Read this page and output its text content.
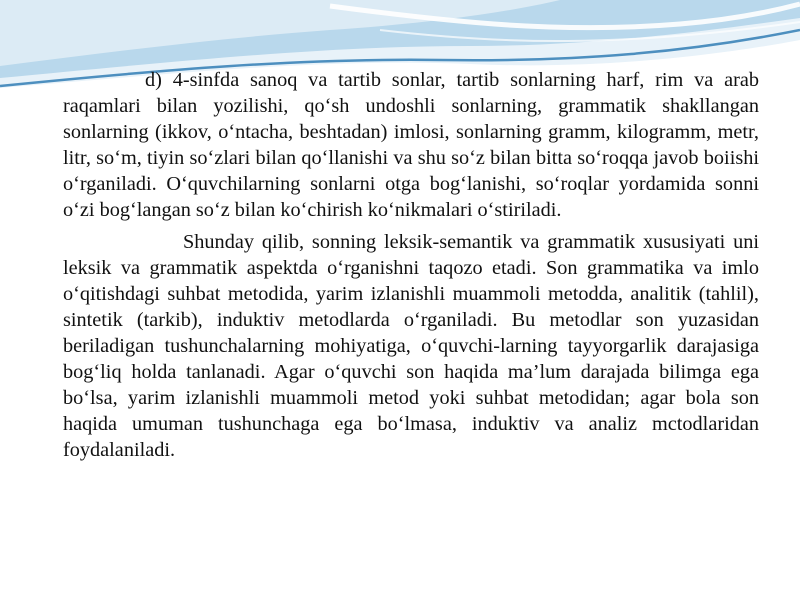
d) 4-sinfda sanoq va tartib sonlar, tartib sonlarning harf, rim va arab raqamlari bilan yozilishi, qo‘sh undoshli sonlarning, grammatik shakllangan sonlarning (ikkov, o‘ntacha, beshtadan) imlosi, sonlarning gramm, kilogramm, metr, litr, so‘m, tiyin so‘zlari bilan qo‘llanishi va shu so‘z bilan bitta so‘roqqa javob boiishi o‘rganiladi. O‘quvchilarning sonlarni otga bog‘lanishi, so‘roqlar yordamida sonni o‘zi bog‘langan so‘z bilan ko‘chirish ko‘nikmalari o‘stiriladi.

Shunday qilib, sonning leksik-semantik va grammatik xususiyati uni leksik va grammatik aspektda o‘rganishni taqozo etadi. Son grammatika va imlo o‘qitishdagi suhbat metodida, yarim izlanishli muammoli metodda, analitik (tahlil), sintetik (tarkib), induktiv metodlarda o‘rganiladi. Bu metodlar son yuzasidan beriladigan tushunchalarning mohiyatiga, o‘quvchi-larning tayyorgarlik darajasiga bog‘liq holda tanlanadi. Agar o‘quvchi son haqida ma’lum darajada bilimga ega bo‘lsa, yarim izlanishli muammoli metod yoki suhbat metodidan; agar bola son haqida umuman tushunchaga ega bo‘lmasa, induktiv va analiz mctodlaridan foydalaniladi.
